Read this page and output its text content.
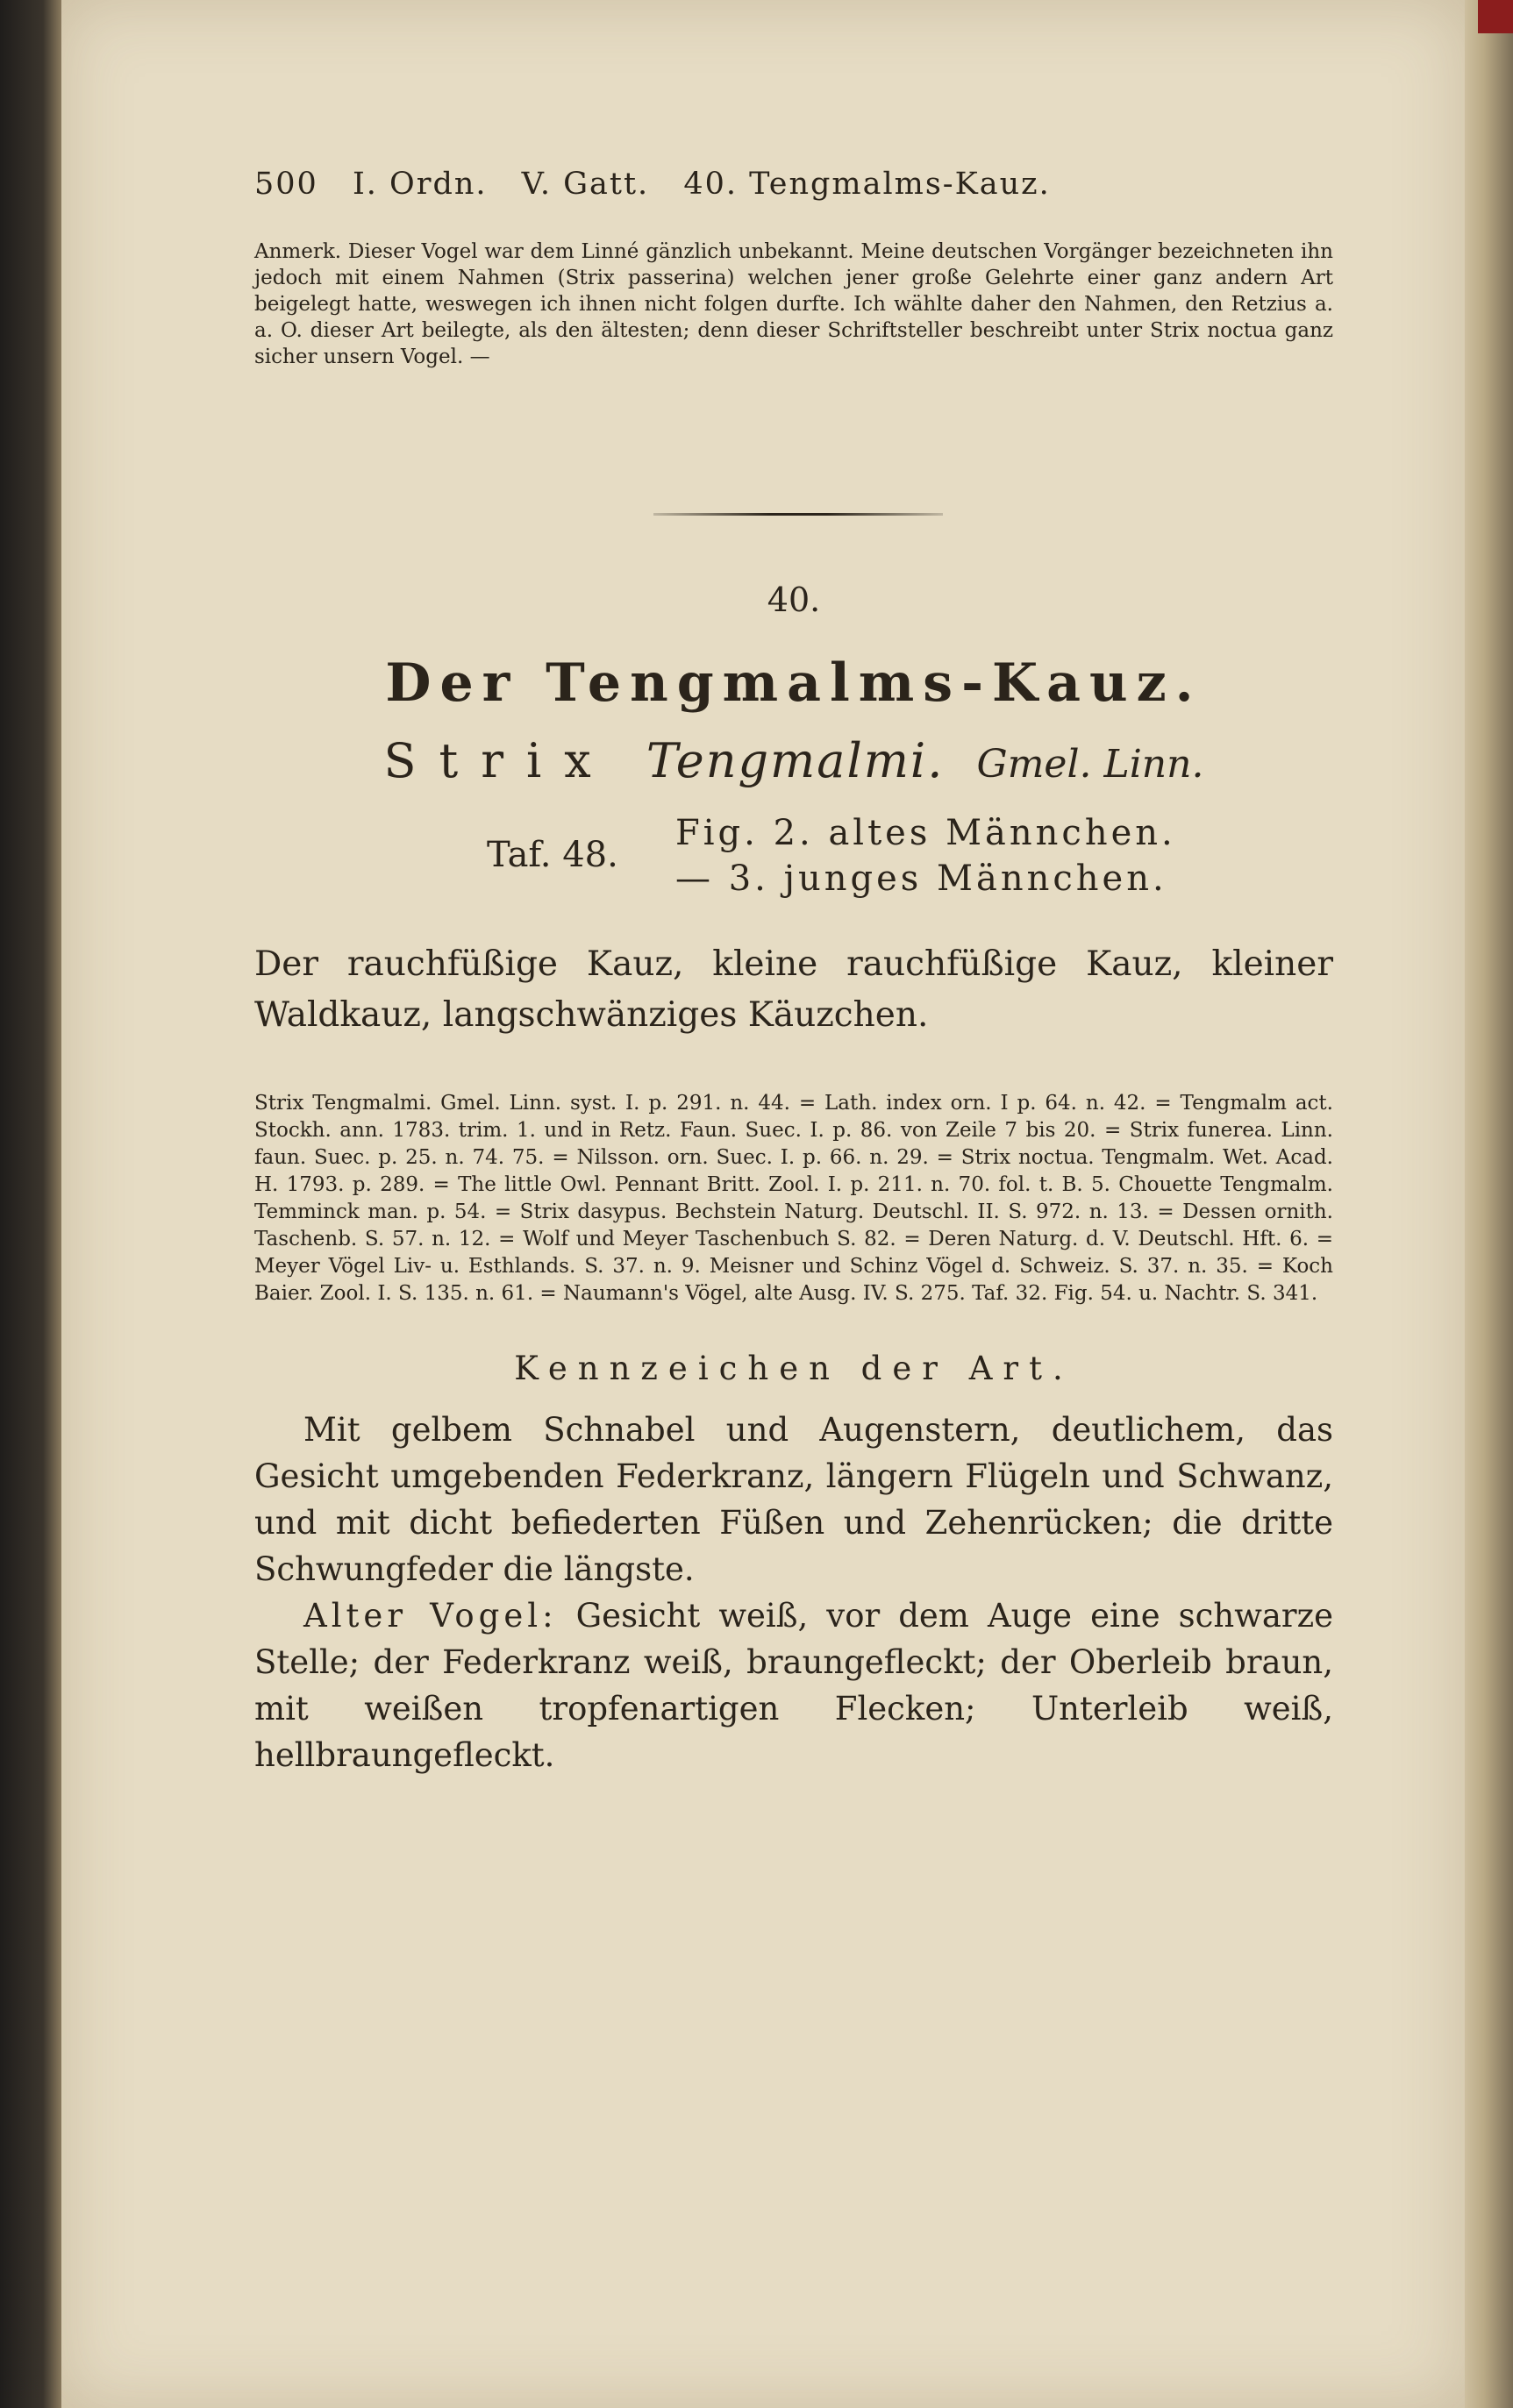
500 I. Ordn. V. Gatt. 40. Tengmalms-Kauz.
Anmerk. Dieser Vogel war dem Linné gänzlich unbekannt. Meine deutschen Vorgänger bezeichneten ihn jedoch mit einem Nahmen (Strix passerina) welchen jener große Gelehrte einer ganz andern Art beigelegt hatte, weswegen ich ihnen nicht folgen durfte. Ich wählte daher den Nahmen, den Retzius a. a. O. dieser Art beilegte, als den ältesten; denn dieser Schriftsteller beschreibt unter Strix noctua ganz sicher unsern Vogel. —
40.
Der Tengmalms-Kauz.
Strix Tengmalmi. Gmel. Linn.
Taf. 48.
Fig. 2. altes Männchen.
— 3. junges Männchen.
Der rauchfüßige Kauz, kleine rauchfüßige Kauz, kleiner Waldkauz, langschwänziges Käuzchen.
Strix Tengmalmi. Gmel. Linn. syst. I. p. 291. n. 44. = Lath. index orn. I p. 64. n. 42. = Tengmalm act. Stockh. ann. 1783. trim. 1. und in Retz. Faun. Suec. I. p. 86. von Zeile 7 bis 20. = Strix funerea. Linn. faun. Suec. p. 25. n. 74. 75. = Nilsson. orn. Suec. I. p. 66. n. 29. = Strix noctua. Tengmalm. Wet. Acad. H. 1793. p. 289. = The little Owl. Pennant Britt. Zool. I. p. 211. n. 70. fol. t. B. 5. Chouette Tengmalm. Temminck man. p. 54. = Strix dasypus. Bechstein Naturg. Deutschl. II. S. 972. n. 13. = Dessen ornith. Taschenb. S. 57. n. 12. = Wolf und Meyer Taschenbuch S. 82. = Deren Naturg. d. V. Deutschl. Hft. 6. = Meyer Vögel Liv- u. Esthlands. S. 37. n. 9. Meisner und Schinz Vögel d. Schweiz. S. 37. n. 35. = Koch Baier. Zool. I. S. 135. n. 61. = Naumann's Vögel, alte Ausg. IV. S. 275. Taf. 32. Fig. 54. u. Nachtr. S. 341.
Kennzeichen der Art.

Mit gelbem Schnabel und Augenstern, deutlichem, das Gesicht umgebenden Federkranz, längern Flügeln und Schwanz, und mit dicht befiederten Füßen und Zehenrücken; die dritte Schwungfeder die längste.

Alter Vogel: Gesicht weiß, vor dem Auge eine schwarze Stelle; der Federkranz weiß, braungefleckt; der Oberleib braun, mit weißen tropfenartigen Flecken; Unterleib weiß, hellbraungefleckt.
